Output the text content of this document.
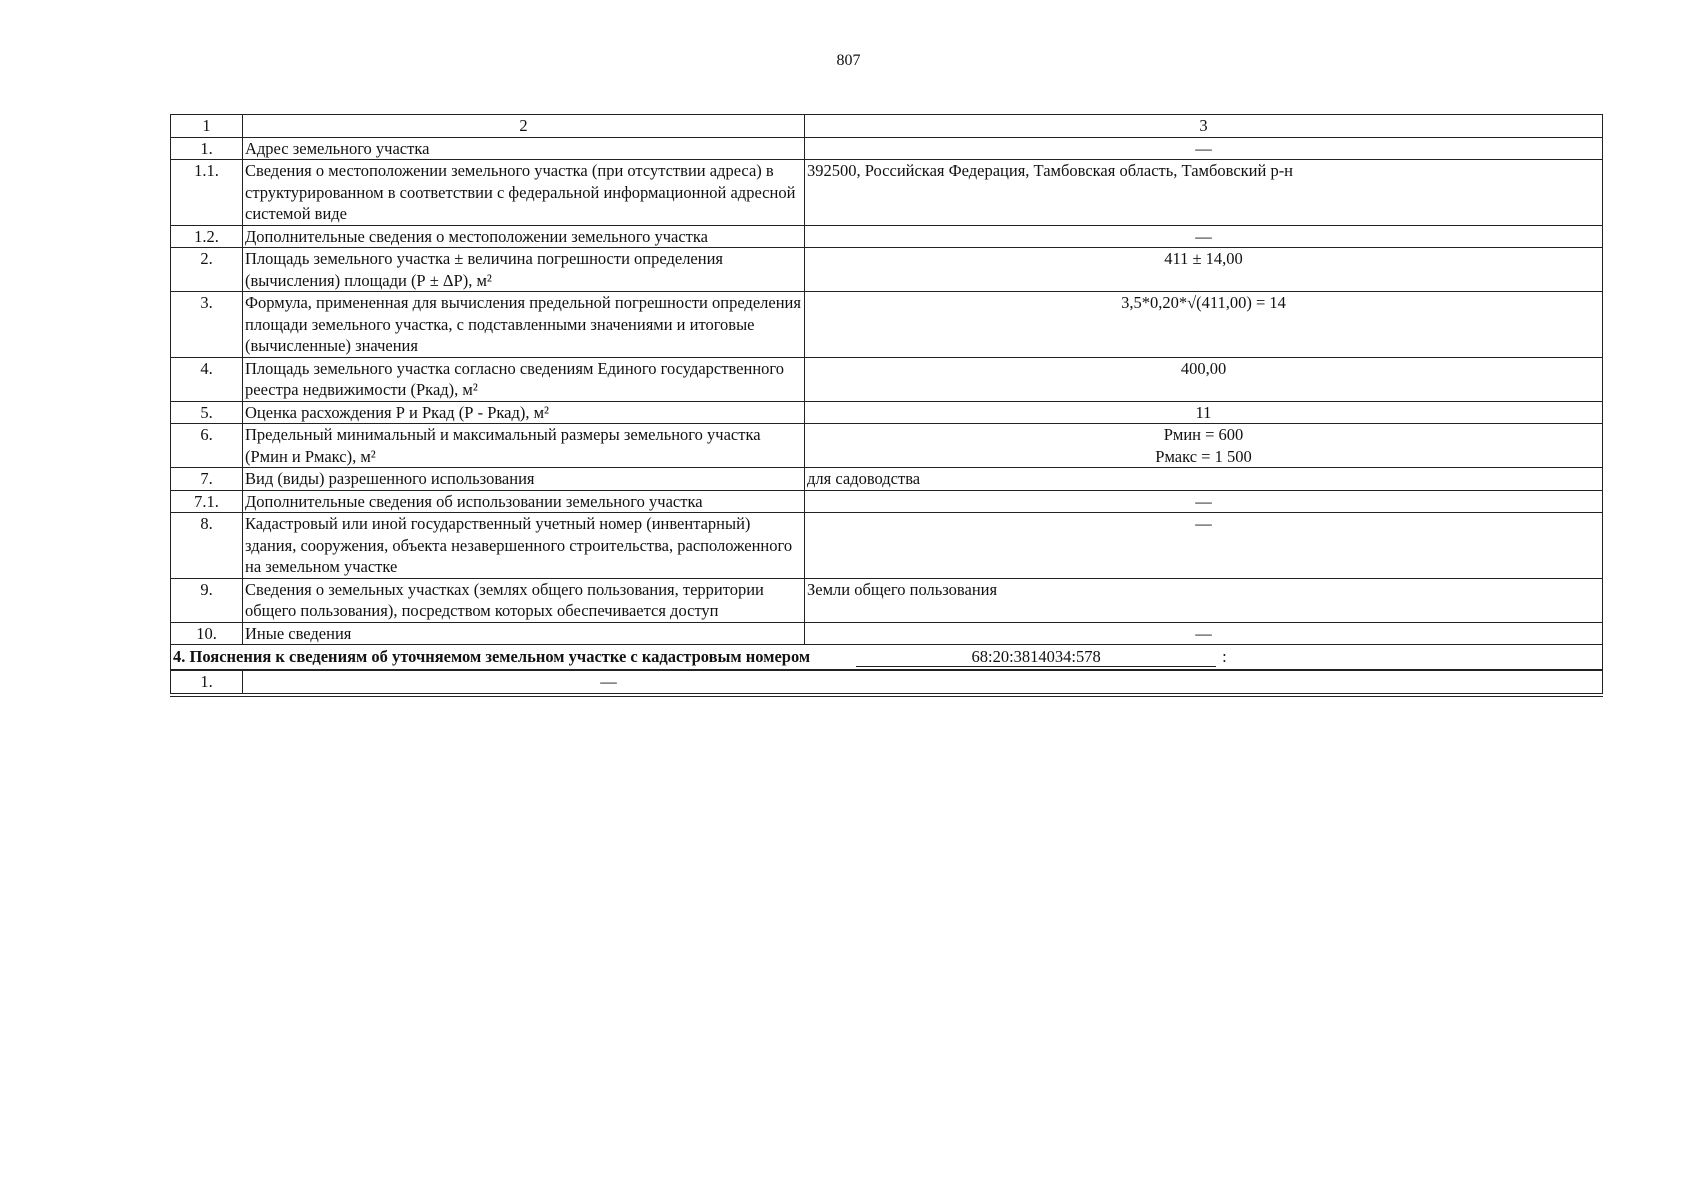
807
1	2	3
1.	Адрес земельного участка	—
1.1.	Сведения о местоположении земельного участка (при отсутствии адреса) в структурированном в соответствии с федеральной информационной адресной системой виде	392500, Российская Федерация, Тамбовская область, Тамбовский р-н
1.2.	Дополнительные сведения о местоположении земельного участка	—
2.	Площадь земельного участка ± величина погрешности определения (вычисления) площади (Р ± ΔР), м²	411 ± 14,00
3.	Формула, примененная для вычисления предельной погрешности определения площади земельного участка, с подставленными значениями и итоговые (вычисленные) значения	3,5*0,20*√(411,00) = 14
4.	Площадь земельного участка согласно сведениям Единого государственного реестра недвижимости (Ркад), м²	400,00
5.	Оценка расхождения Р и Ркад (Р - Ркад), м²	11
6.	Предельный минимальный и максимальный размеры земельного участка (Рмин и Рмакс), м²	Рмин = 600
Рмакс = 1 500

7.	Вид (виды) разрешенного использования	для садоводства
7.1.	Дополнительные сведения об использовании земельного участка	—
8.	Кадастровый или иной государственный учетный номер (инвентарный) здания, сооружения, объекта незавершенного строительства, расположенного на земельном участке	—
9.	Сведения о земельных участках (землях общего пользования, территории общего пользования), посредством которых обеспечивается доступ	Земли общего пользования
10.	Иные сведения	—
4. Пояснения к сведениям об уточняемом земельном участке с кадастровым номером 68:20:3814034:578 :		
1.	—	
